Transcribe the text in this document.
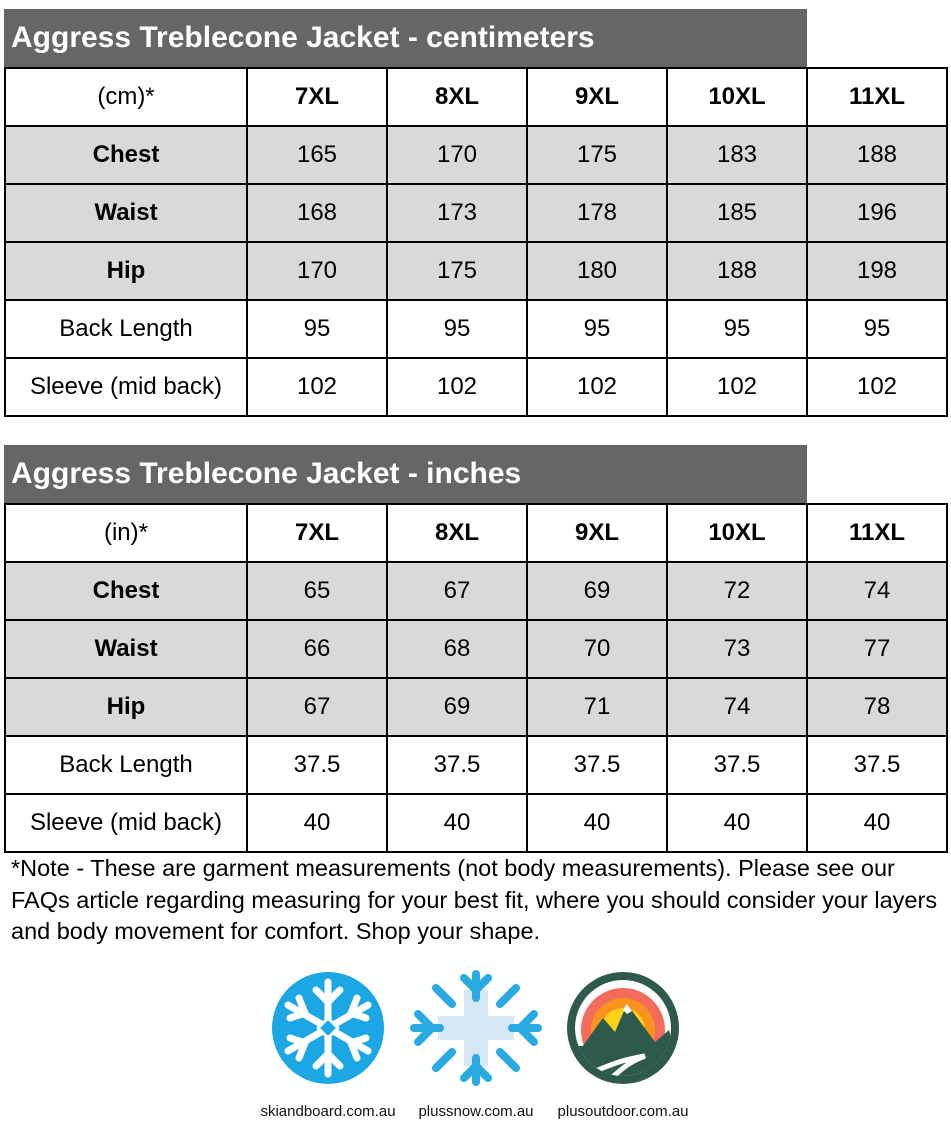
Aggress Treblecone Jacket - centimeters
(cm)*	7XL	8XL	9XL	10XL	11XL
Chest	165	170	175	183	188
Waist	168	173	178	185	196
Hip	170	175	180	188	198
Back Length	95	95	95	95	95
Sleeve (mid back)	102	102	102	102	102
Aggress Treblecone Jacket - inches
(in)*	7XL	8XL	9XL	10XL	11XL
Chest	65	67	69	72	74
Waist	66	68	70	73	77
Hip	67	69	71	74	78
Back Length	37.5	37.5	37.5	37.5	37.5
Sleeve (mid back)	40	40	40	40	40

*Note - These are garment measurements (not body measurements). Please see our FAQs article regarding measuring for your best fit, where you should consider your layers and body movement for comfort. Shop your shape.

skiandboard.com.au	plussnow.com.au	plusoutdoor.com.au
